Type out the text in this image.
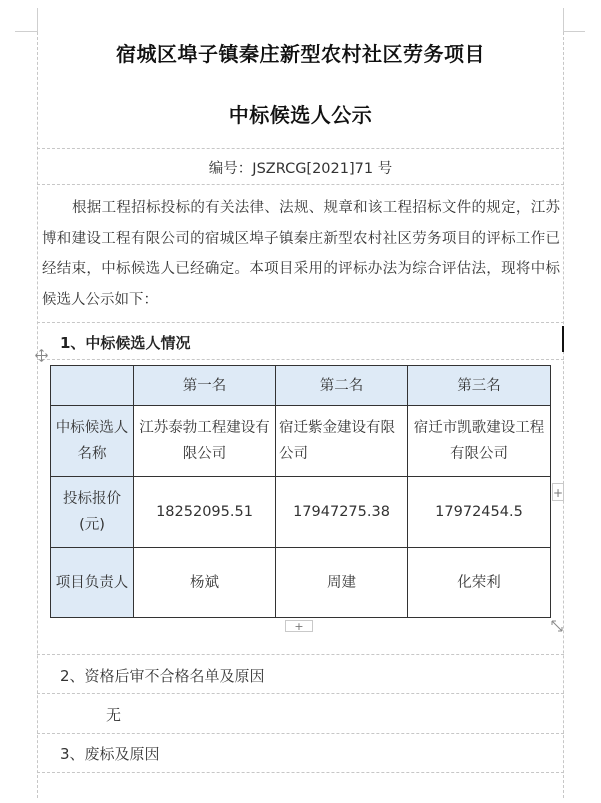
宿城区埠子镇秦庄新型农村社区劳务项目
中标候选人公示
编号：JSZRCG[2021]71 号
根据工程招标投标的有关法律、法规、规章和该工程招标文件的规定，江苏博和建设工程有限公司的宿城区埠子镇秦庄新型农村社区劳务项目的评标工作已经结束，中标候选人已经确定。本项目采用的评标办法为综合评估法，现将中标候选人公示如下：
1、中标候选人情况
	第一名	第二名	第三名
中标候选人名称	江苏泰勃工程建设有限公司	宿迁紫金建设有限公司	宿迁市凯歌建设工程有限公司
投标报价(元)	18252095.51	17947275.38	17972454.5
项目负责人	杨斌	周建	化荣利
+
+
2、资格后审不合格名单及原因
无
3、废标及原因
